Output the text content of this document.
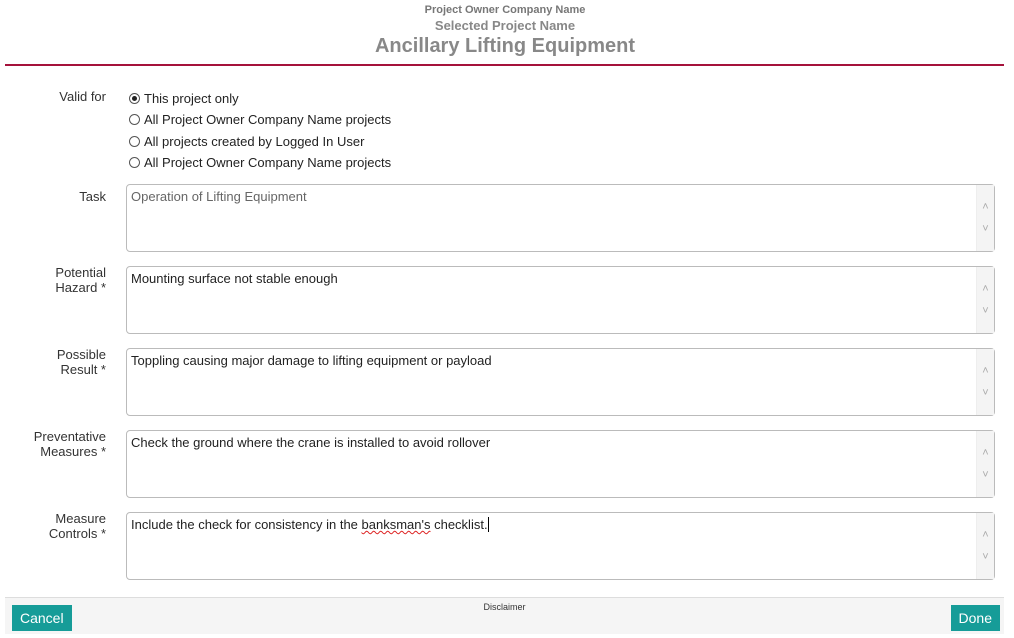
Project Owner Company Name
Selected Project Name
Ancillary Lifting Equipment
Valid for	This project only
All Project Owner Company Name projects
All projects created by Logged In User
All Project Owner Company Name projects
Task Operation of Lifting Equipment
˄
˅
Potential
Hazard *
Mounting surface not stable enough
˄
˅
Possible
Result *
Toppling causing major damage to lifting equipment or payload
˄
˅
Preventative
Measures *
Check the ground where the crane is installed to avoid rollover
˄
˅
Measure
Controls *
Include the check for consistency in the banksman's checklist.
˄
˅
Cancel
Disclaimer
Done
